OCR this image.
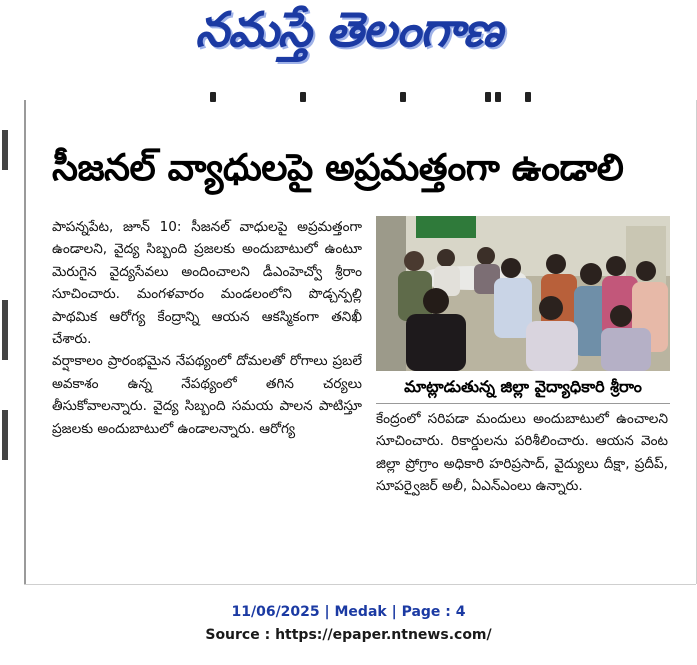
నమస్తే తెలంగాణ
సీజనల్ వ్యాధులపై అప్రమత్తంగా ఉండాలి

పాపన్నపేట, జూన్ 10: సీజనల్ వాధులపై అప్రమత్తంగా ఉండాలని, వైద్య సిబ్బంది ప్రజలకు అందుబాటులో ఉంటూ మెరుగైన వైద్యసేవలు అందించాలని డీఎంహెచ్వో శ్రీరాం సూచించారు. మంగళవారం మండలంలోని పొడ్చన్పల్లి పాథమిక ఆరోగ్య కేంద్రాన్ని ఆయన ఆకస్మికంగా తనిఖీ చేశారు.

వర్షాకాలం ప్రారంభమైన నేపథ్యంలో దోమలతో రోగాలు ప్రబలే అవకాశం ఉన్న నేపథ్యంలో తగిన చర్యలు తీసుకోవాలన్నారు. వైద్య సిబ్బంది సమయ పాలన పాటిస్తూ ప్రజలకు అందుబాటులో ఉండాలన్నారు. ఆరోగ్య

మాట్లాడుతున్న జిల్లా వైద్యాధికారి శ్రీరాం

కేంద్రంలో సరిపడా మందులు అందుబాటులో ఉంచాలని సూచించారు. రికార్డులను పరిశీలించారు. ఆయన వెంట జిల్లా ప్రోగ్రాం అధికారి హరిప్రసాద్, వైద్యులు దీక్షా, ప్రదీప్, సూపర్వైజర్ అలీ, ఏఎన్ఎంలు ఉన్నారు.

11/06/2025 | Medak | Page : 4
Source : https://epaper.ntnews.com/
